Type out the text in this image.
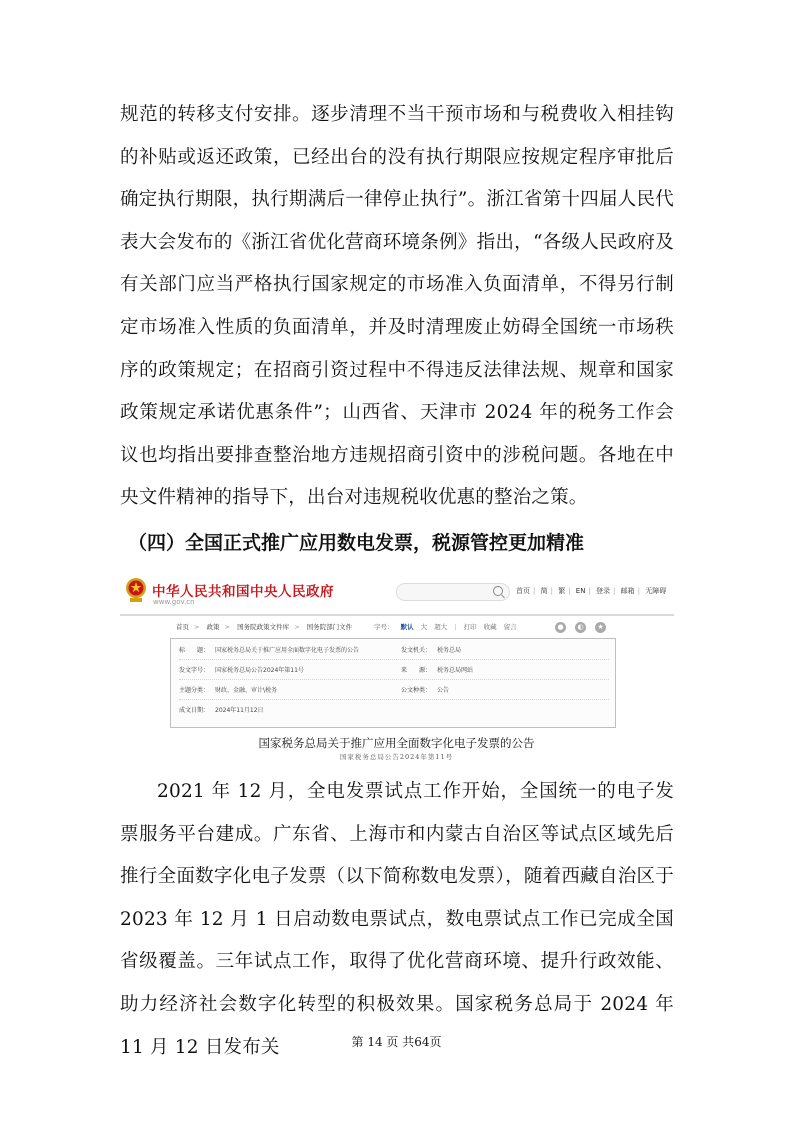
规范的转移支付安排。逐步清理不当干预市场和与税费收入相挂钩的补贴或返还政策，已经出台的没有执行期限应按规定程序审批后确定执行期限，执行期满后一律停止执行”。浙江省第十四届人民代表大会发布的《浙江省优化营商环境条例》指出，“各级人民政府及有关部门应当严格执行国家规定的市场准入负面清单，不得另行制定市场准入性质的负面清单，并及时清理废止妨碍全国统一市场秩序的政策规定；在招商引资过程中不得违反法律法规、规章和国家政策规定承诺优惠条件”；山西省、天津市 2024 年的税务工作会议也均指出要排查整治地方违规招商引资中的涉税问题。各地在中央文件精神的指导下，出台对违规税收优惠的整治之策。

（四）全国正式推广应用数电发票，税源管控更加精准
中华人民共和国中央人民政府
www.gov.cn
首页 | 简 | 繁 | EN | 登录 | 邮箱 | 无障碍
首页 > 政策 > 国务院政策文件库 > 国务院部门文件	字号： 默认 大 超大 | 打印 收藏 留言	● ◐ ★
标　　题： 国家税务总局关于推广应用全面数字化电子发票的公告	发文机关： 税务总局
发文字号： 国家税务总局公告2024年第11号	来　　源： 税务总局网站
主题分类： 财政、金融、审计\税务	公文种类： 公告
成文日期： 2024年11月12日
国家税务总局关于推广应用全面数字化电子发票的公告
国家税务总局公告2024年第11号

2021 年 12 月，全电发票试点工作开始，全国统一的电子发票服务平台建成。广东省、上海市和内蒙古自治区等试点区域先后推行全面数字化电子发票（以下简称数电发票），随着西藏自治区于 2023 年 12 月 1 日启动数电票试点，数电票试点工作已完成全国省级覆盖。三年试点工作，取得了优化营商环境、提升行政效能、助力经济社会数字化转型的积极效果。国家税务总局于 2024 年 11 月 12 日发布关	第 14 页 共64页
